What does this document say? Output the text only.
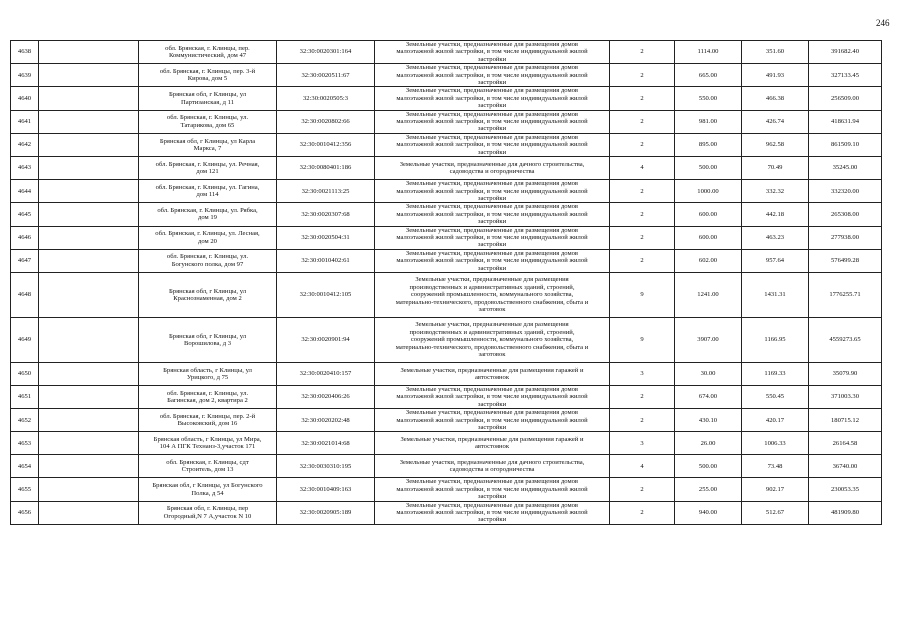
246
4638		обл. Брянская, г. Клинцы, пер.
Коммунистический, дом 47	32:30:0020301:164	Земельные участки, предназначенные для размещения домов
малоэтажной жилой застройки, в том числе индивидуальной жилой
застройки	2	1114.00	351.60	391682.40
4639		обл. Брянская, г. Клинцы, пер. 3-й
Кирова, дом 5	32:30:0020511:67	Земельные участки, предназначенные для размещения домов
малоэтажной жилой застройки, в том числе индивидуальной жилой
застройки	2	665.00	491.93	327133.45
4640		Брянская обл, г Клинцы, ул
Партизанская, д 11	32:30:0020505:3	Земельные участки, предназначенные для размещения домов
малоэтажной жилой застройки, в том числе индивидуальной жилой
застройки	2	550.00	466.38	256509.00
4641		обл. Брянская, г. Клинцы, ул.
Татарикова, дом 65	32:30:0020802:66	Земельные участки, предназначенные для размещения домов
малоэтажной жилой застройки, в том числе индивидуальной жилой
застройки	2	981.00	426.74	418631.94
4642		Брянская обл, г Клинцы, ул Карла
Маркса, 7	32:30:0010412:356	Земельные участки, предназначенные для размещения домов
малоэтажной жилой застройки, в том числе индивидуальной жилой
застройки	2	895.00	962.58	861509.10
4643		обл. Брянская, г. Клинцы, ул. Речная,
дом 121	32:30:0080401:186	Земельные участки, предназначенные для дачного строительства,
садоводства и огородничества	4	500.00	70.49	35245.00
4644		обл. Брянская, г. Клинцы, ул. Гагина,
дом 114	32:30:0021113:25	Земельные участки, предназначенные для размещения домов
малоэтажной жилой застройки, в том числе индивидуальной жилой
застройки	2	1000.00	332.32	332320.00
4645		обл. Брянская, г. Клинцы, ул. Рябка,
дом 19	32:30:0020307:68	Земельные участки, предназначенные для размещения домов
малоэтажной жилой застройки, в том числе индивидуальной жилой
застройки	2	600.00	442.18	265308.00
4646		обл. Брянская, г. Клинцы, ул. Лесная,
дом 20	32:30:0020504:31	Земельные участки, предназначенные для размещения домов
малоэтажной жилой застройки, в том числе индивидуальной жилой
застройки	2	600.00	463.23	277938.00
4647		обл. Брянская, г. Клинцы, ул.
Богунского полка, дом 97	32:30:0010402:61	Земельные участки, предназначенные для размещения домов
малоэтажной жилой застройки, в том числе индивидуальной жилой
застройки	2	602.00	957.64	576499.28
4648		Брянская обл, г Клинцы, ул
Краснознаменная, дом 2	32:30:0010412:105	Земельные участки, предназначенные для размещения
производственных и административных зданий, строений,
сооружений промышленности, коммунального хозяйства,
материально-технического, продовольственного снабжения, сбыта и
заготовок	9	1241.00	1431.31	1776255.71
4649		Брянская обл, г Клинцы, ул
Ворошилова, д 3	32:30:0020901:94	Земельные участки, предназначенные для размещения
производственных и административных зданий, строений,
сооружений промышленности, коммунального хозяйства,
материально-технического, продовольственного снабжения, сбыта и
заготовок	9	3907.00	1166.95	4559273.65
4650		Брянская область, г Клинцы, ул
Урицкого, д 75	32:30:0020410:157	Земельные участки, предназначенные для размещения гаражей и
автостоянок	3	30.00	1169.33	35079.90
4651		обл. Брянская, г. Клинцы, ул.
Багинская, дом 2, квартира 2	32:30:0020406:26	Земельные участки, предназначенные для размещения домов
малоэтажной жилой застройки, в том числе индивидуальной жилой
застройки	2	674.00	550.45	371003.30
4652		обл. Брянская, г. Клинцы, пер. 2-й
Высоковский, дом 16	32:30:0020202:48	Земельные участки, предназначенные для размещения домов
малоэтажной жилой застройки, в том числе индивидуальной жилой
застройки	2	430.10	420.17	180715.12
4653		Брянская область, г Клинцы, ул Мира,
104 А ПГК Технанз-3,участок 171	32:30:0021014:68	Земельные участки, предназначенные для размещения гаражей и
автостоянок	3	26.00	1006.33	26164.58
4654		обл. Брянская, г. Клинцы, сдт
Строитель, дом 13	32:30:0030310:195	Земельные участки, предназначенные для дачного строительства,
садоводства и огородничества	4	500.00	73.48	36740.00
4655		Брянская обл, г Клинцы, ул Богунского
Полка, д 54	32:30:0010409:163	Земельные участки, предназначенные для размещения домов
малоэтажной жилой застройки, в том числе индивидуальной жилой
застройки	2	255.00	902.17	230053.35
4656		Брянская обл, г. Клинцы, пер
Огородный,N 7 А,участок N 10	32:30:0020905:189	Земельные участки, предназначенные для размещения домов
малоэтажной жилой застройки, в том числе индивидуальной жилой
застройки	2	940.00	512.67	481909.80
